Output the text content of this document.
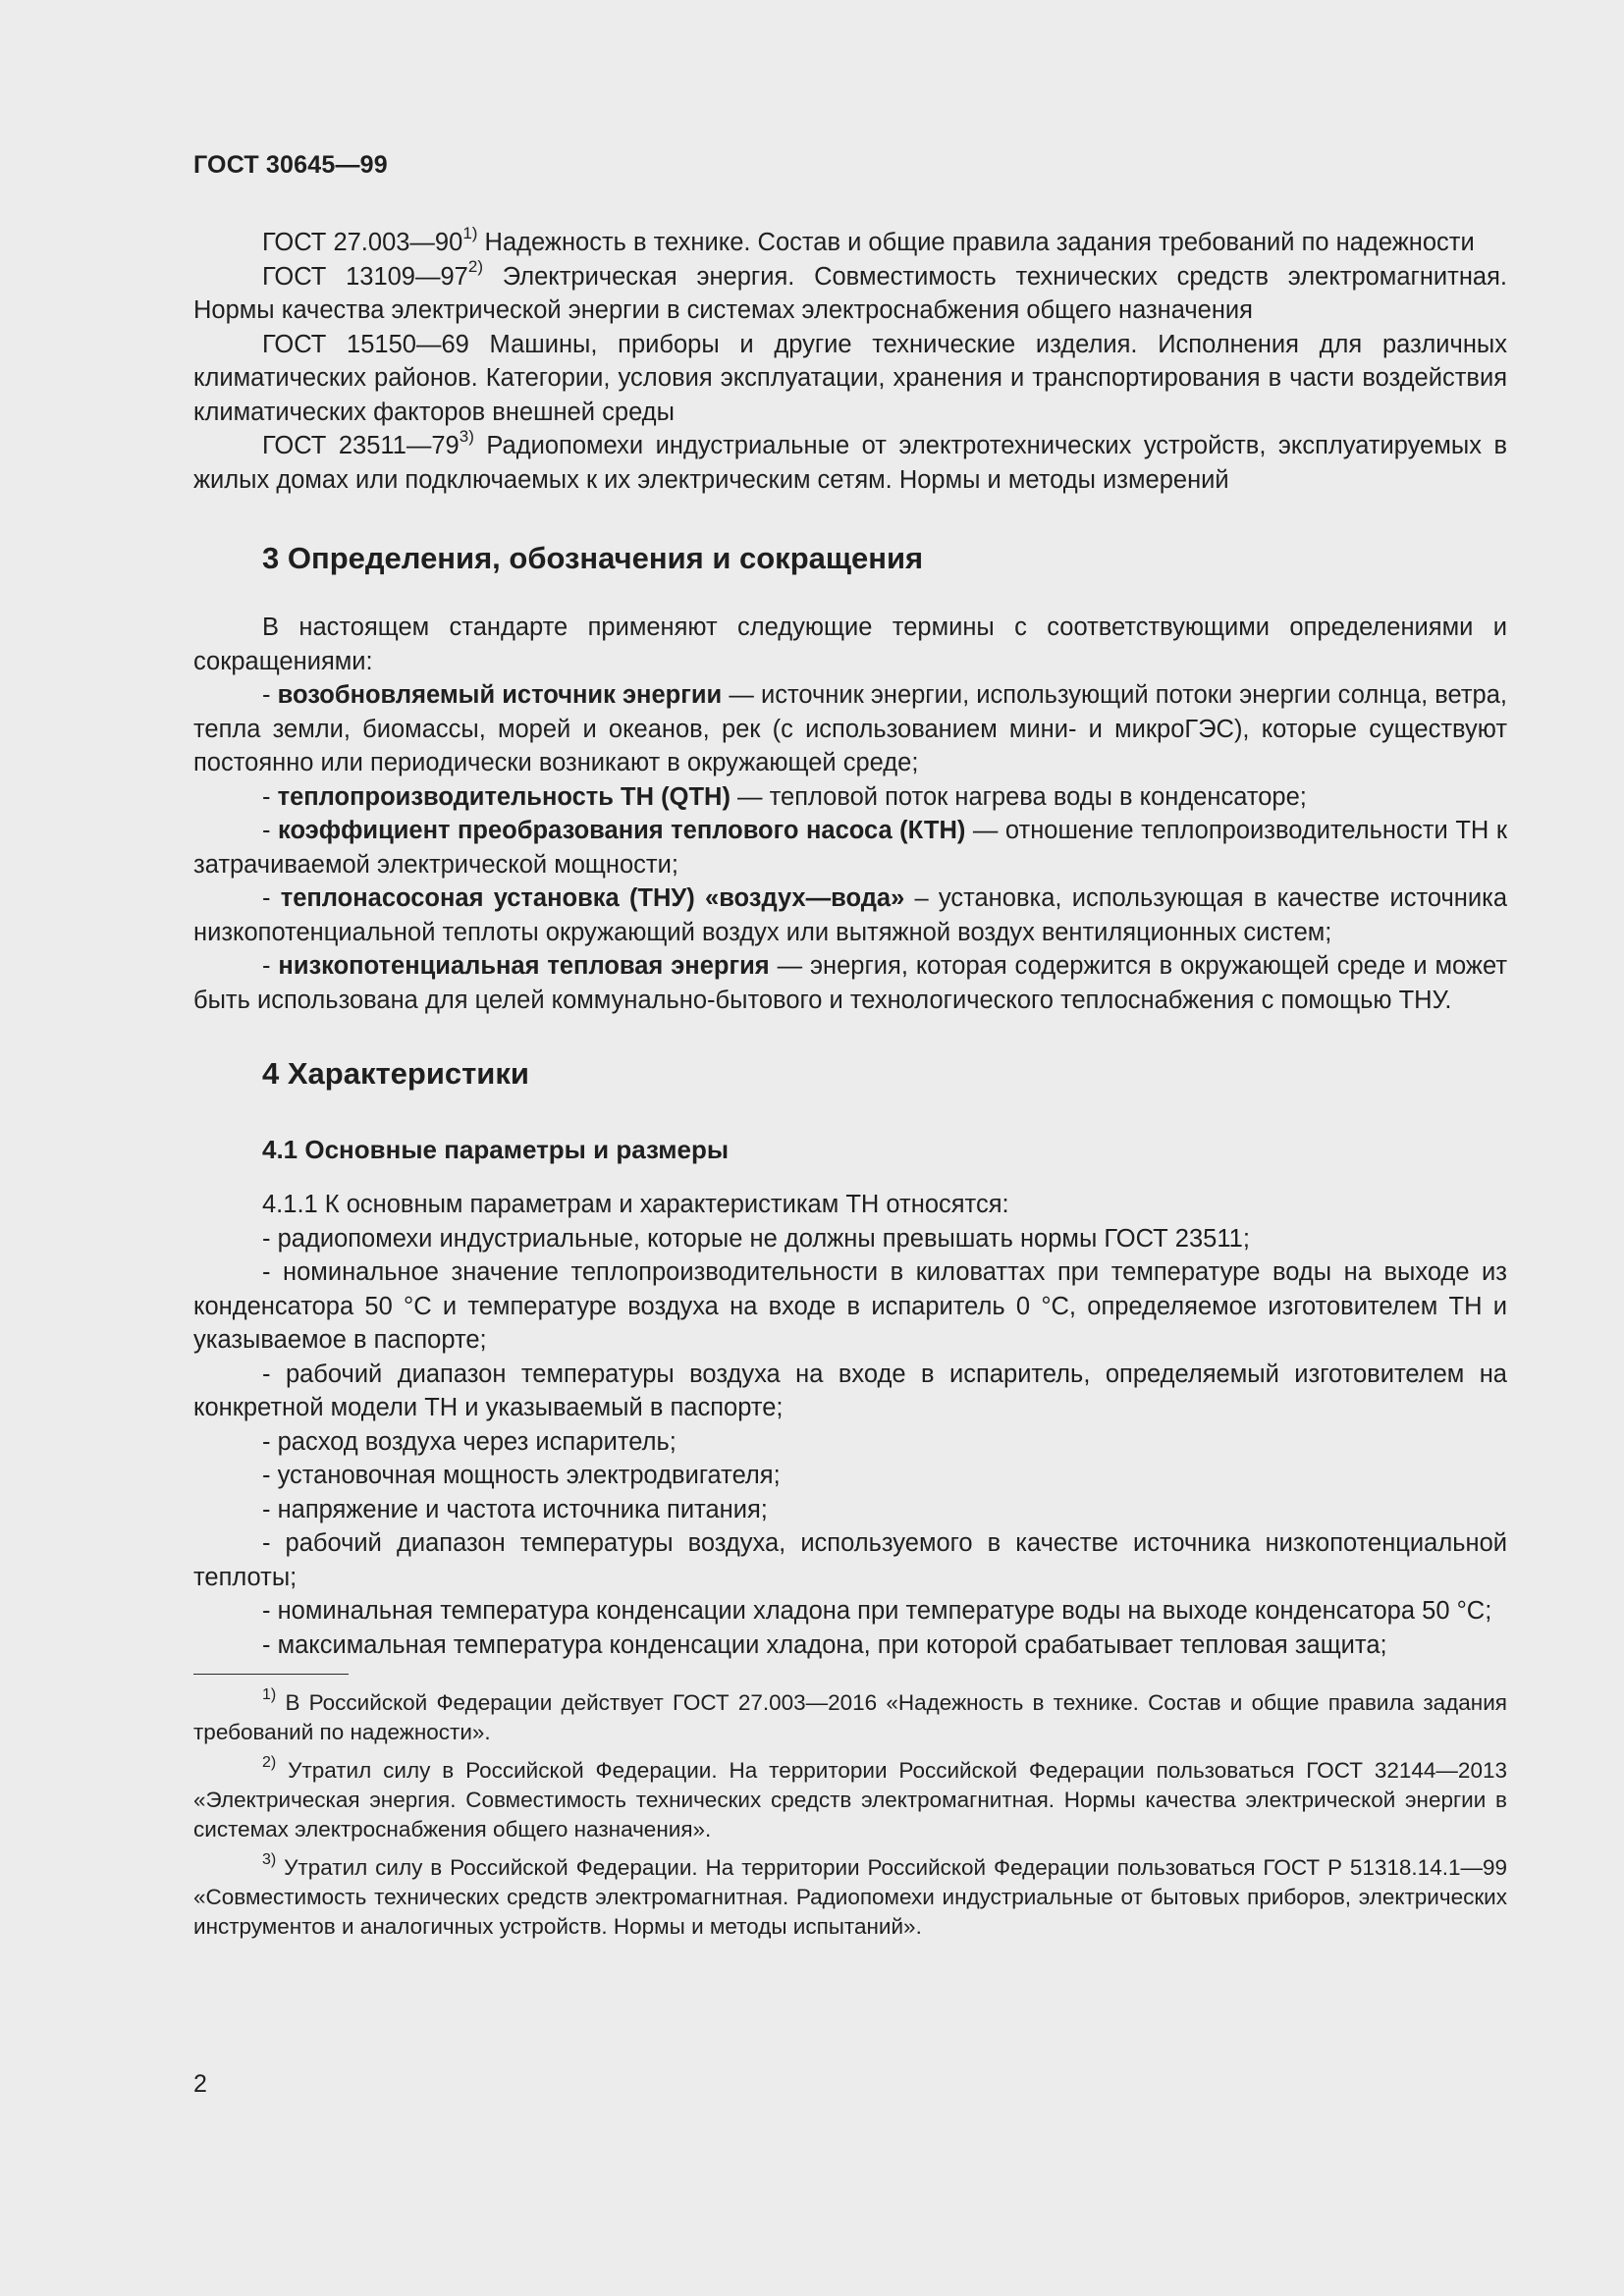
ГОСТ 30645—99

ГОСТ 27.003—90$^{1)}$ Надежность в технике. Состав и общие правила задания требований по надежности

ГОСТ 13109—97$^{2)}$ Электрическая энергия. Совместимость технических средств электромагнитная. Нормы качества электрической энергии в системах электроснабжения общего назначения

ГОСТ 15150—69 Машины, приборы и другие технические изделия. Исполнения для различных климатических районов. Категории, условия эксплуатации, хранения и транспортирования в части воздействия климатических факторов внешней среды

ГОСТ 23511—79$^{3)}$ Радиопомехи индустриальные от электротехнических устройств, эксплуатируемых в жилых домах или подключаемых к их электрическим сетям. Нормы и методы измерений

3 Определения, обозначения и сокращения

В настоящем стандарте применяют следующие термины с соответствующими определениями и сокращениями:

- возобновляемый источник энергии — источник энергии, использующий потоки энергии солнца, ветра, тепла земли, биомассы, морей и океанов, рек (с использованием мини- и микроГЭС), которые существуют постоянно или периодически возникают в окружающей среде;

- теплопроизводительность ТН (QТН) — тепловой поток нагрева воды в конденсаторе;

- коэффициент преобразования теплового насоса (КТН) — отношение теплопроизводительности ТН к затрачиваемой электрической мощности;

- теплонасосоная установка (ТНУ) «воздух—вода» – установка, использующая в качестве источника низкопотенциальной теплоты окружающий воздух или вытяжной воздух вентиляционных систем;

- низкопотенциальная тепловая энергия — энергия, которая содержится в окружающей среде и может быть использована для целей коммунально-бытового и технологического теплоснабжения с помощью ТНУ.

4 Характеристики
4.1 Основные параметры и размеры

4.1.1 К основным параметрам и характеристикам ТН относятся:

- радиопомехи индустриальные, которые не должны превышать нормы ГОСТ 23511;

- номинальное значение теплопроизводительности в киловаттах при температуре воды на выходе из конденсатора 50 °С и температуре воздуха на входе в испаритель 0 °С, определяемое изготовителем ТН и указываемое в паспорте;

- рабочий диапазон температуры воздуха на входе в испаритель, определяемый изготовителем на конкретной модели ТН и указываемый в паспорте;

- расход воздуха через испаритель;

- установочная мощность электродвигателя;

- напряжение и частота источника питания;

- рабочий диапазон температуры воздуха, используемого в качестве источника низкопотенциальной теплоты;

- номинальная температура конденсации хладона при температуре воды на выходе конденсатора 50 °С;

- максимальная температура конденсации хладона, при которой срабатывает тепловая защита;

$^{1)}$ В Российской Федерации действует ГОСТ 27.003—2016 «Надежность в технике. Состав и общие правила задания требований по надежности».

$^{2)}$ Утратил силу в Российской Федерации. На территории Российской Федерации пользоваться ГОСТ 32144—2013 «Электрическая энергия. Совместимость технических средств электромагнитная. Нормы качества электрической энергии в системах электроснабжения общего назначения».

$^{3)}$ Утратил силу в Российской Федерации. На территории Российской Федерации пользоваться ГОСТ Р 51318.14.1—99 «Совместимость технических средств электромагнитная. Радиопомехи индустриальные от бытовых приборов, электрических инструментов и аналогичных устройств. Нормы и методы испытаний».

2
